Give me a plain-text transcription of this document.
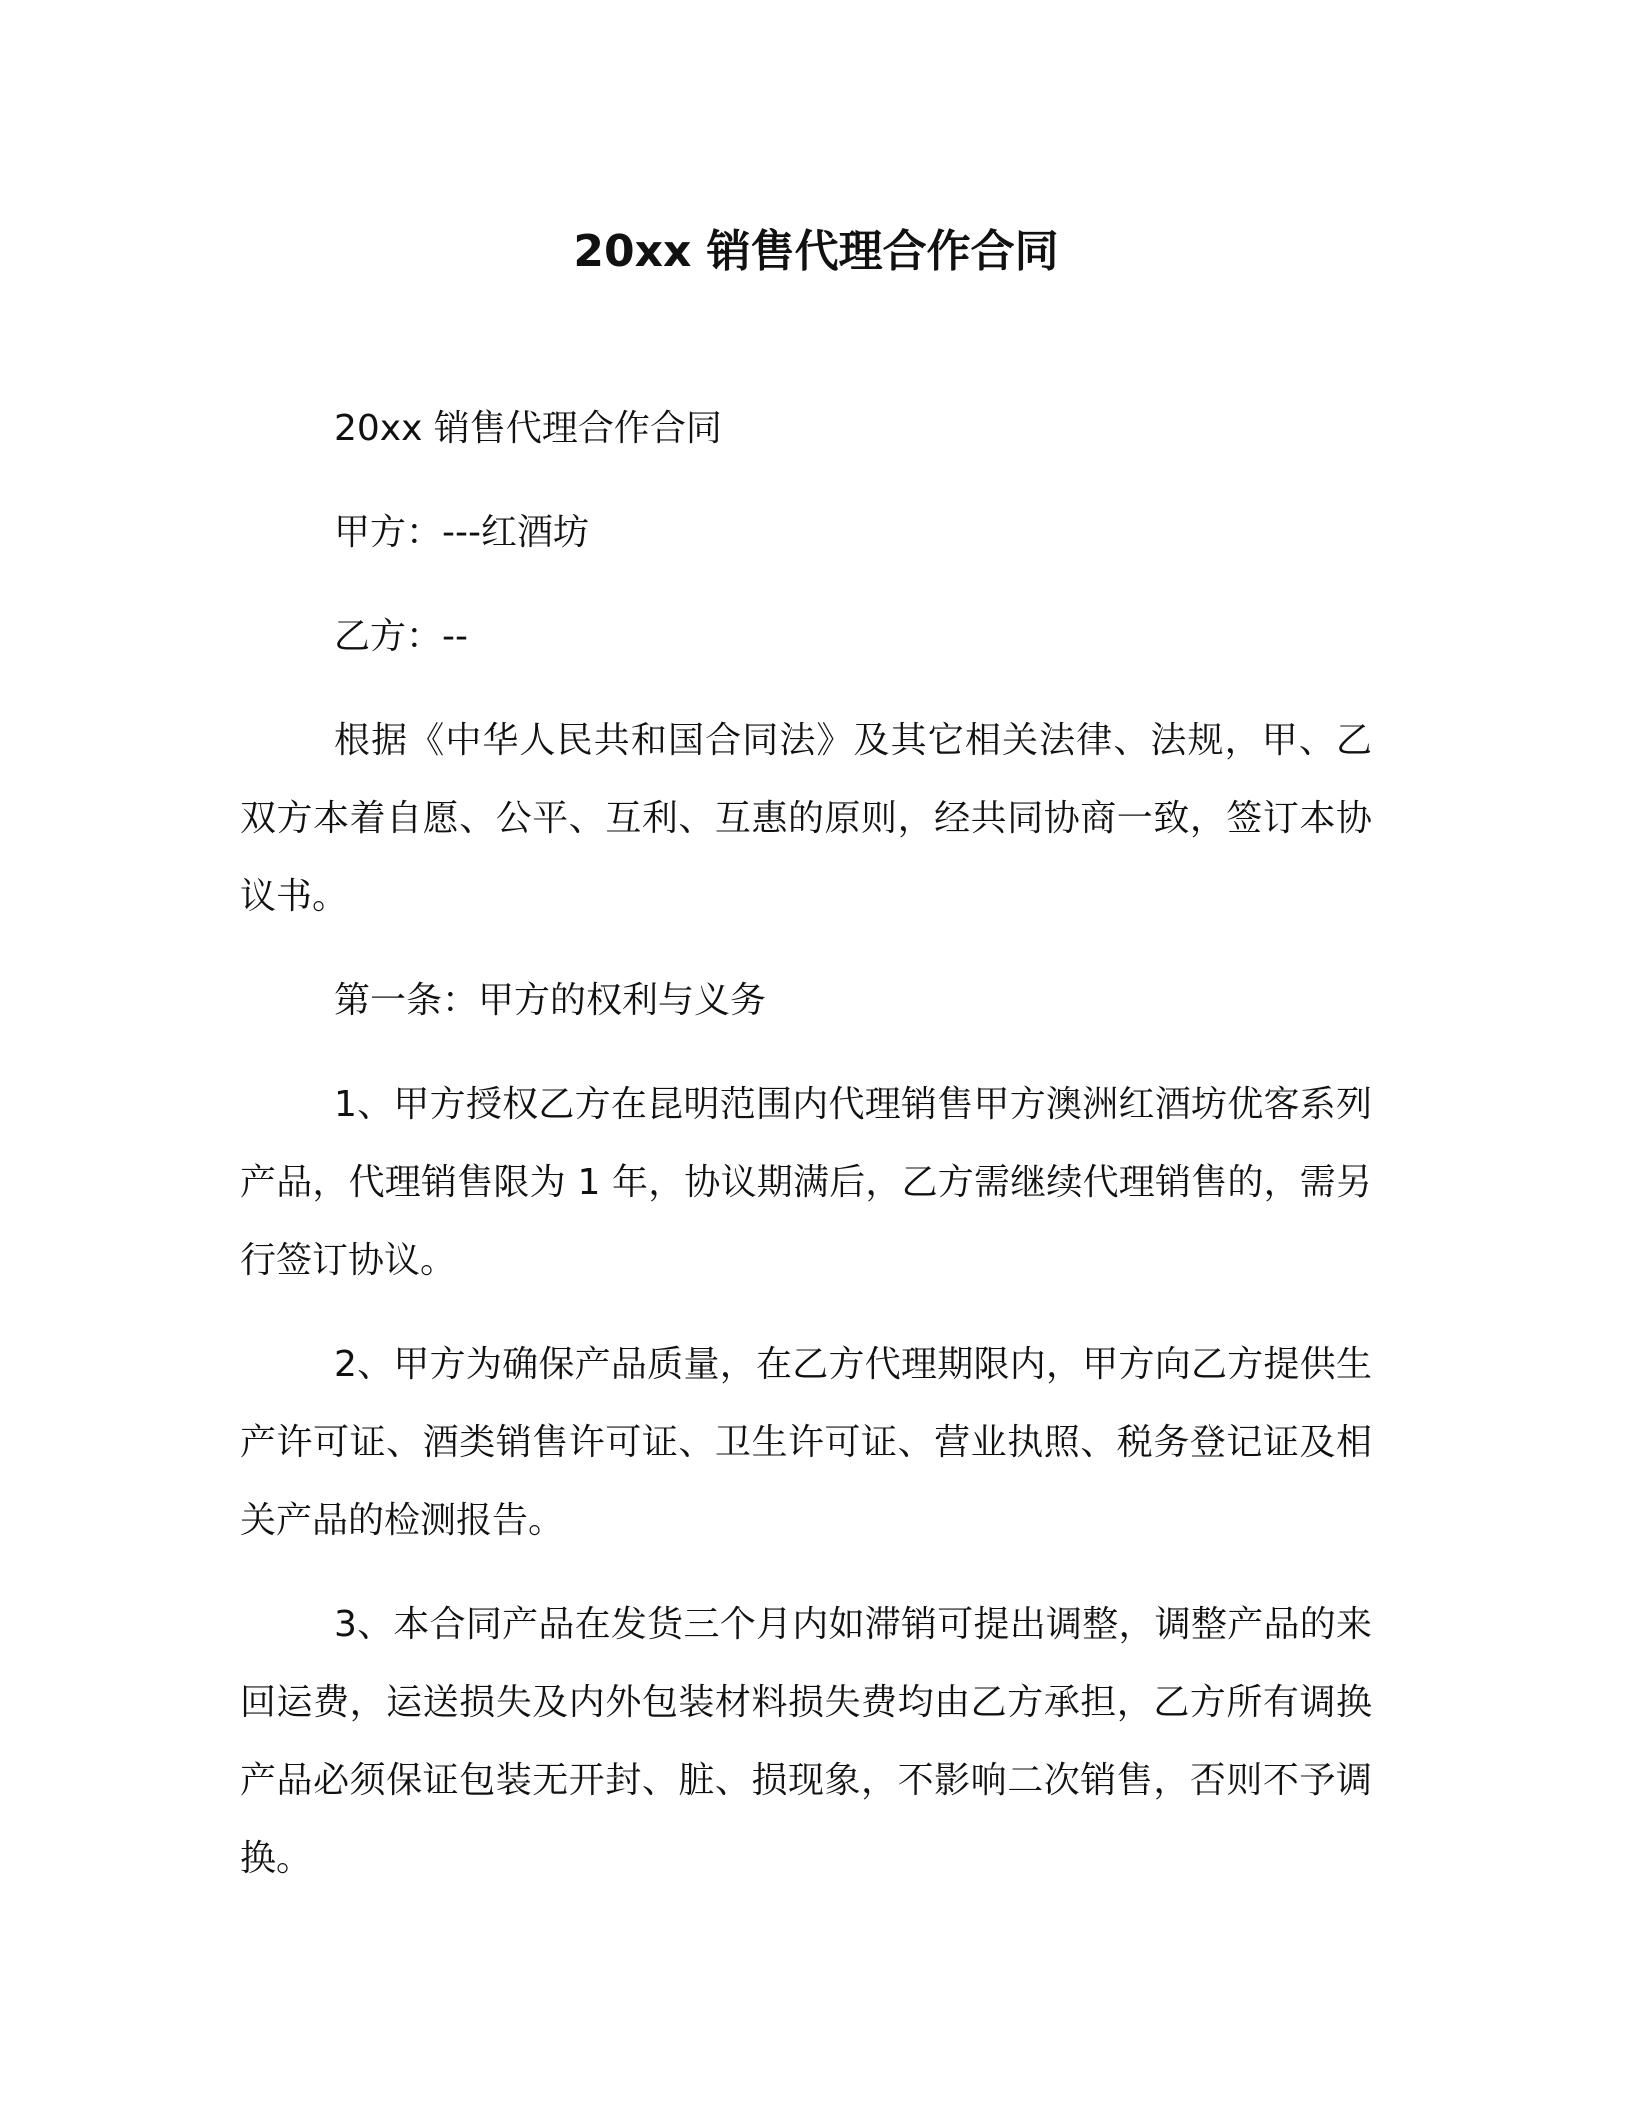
20xx 销售代理合作合同

20xx 销售代理合作合同

甲方：---红酒坊

乙方：--

根据《中华人民共和国合同法》及其它相关法律、法规，甲、乙双方本着自愿、公平、互利、互惠的原则，经共同协商一致，签订本协议书。

第一条：甲方的权利与义务

1、甲方授权乙方在昆明范围内代理销售甲方澳洲红酒坊优客系列产品，代理销售限为 1 年，协议期满后，乙方需继续代理销售的，需另行签订协议。

2、甲方为确保产品质量，在乙方代理期限内，甲方向乙方提供生产许可证、酒类销售许可证、卫生许可证、营业执照、税务登记证及相关产品的检测报告。

3、本合同产品在发货三个月内如滞销可提出调整，调整产品的来回运费，运送损失及内外包装材料损失费均由乙方承担，乙方所有调换产品必须保证包装无开封、脏、损现象，不影响二次销售，否则不予调换。
